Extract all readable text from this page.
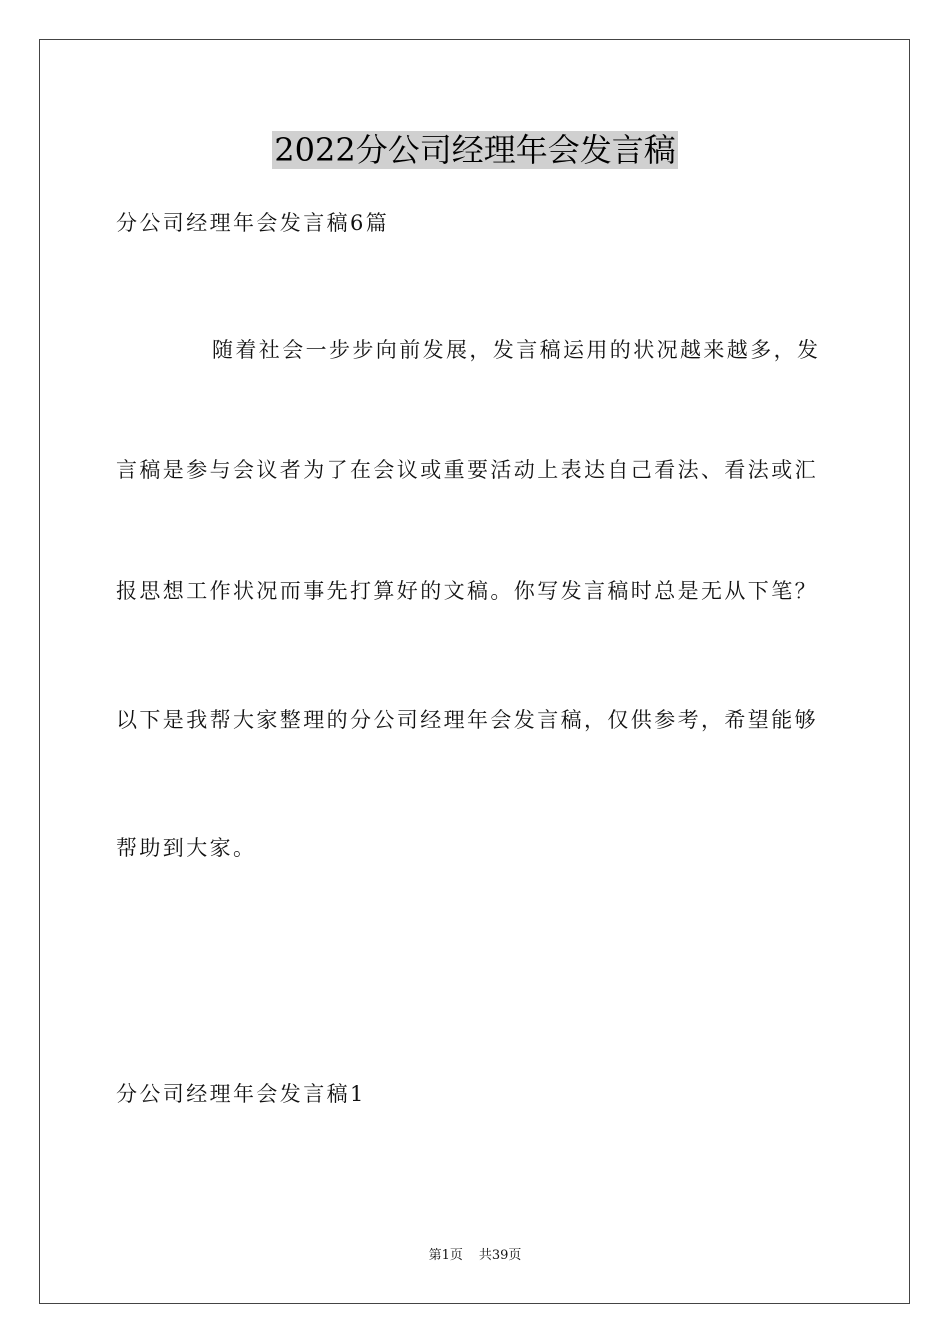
2022分公司经理年会发言稿
分公司经理年会发言稿6篇
随着社会一步步向前发展，发言稿运用的状况越来越多，发
言稿是参与会议者为了在会议或重要活动上表达自己看法、看法或汇
报思想工作状况而事先打算好的文稿。你写发言稿时总是无从下笔？
以下是我帮大家整理的分公司经理年会发言稿，仅供参考，希望能够
帮助到大家。
分公司经理年会发言稿1
第1页 共39页
